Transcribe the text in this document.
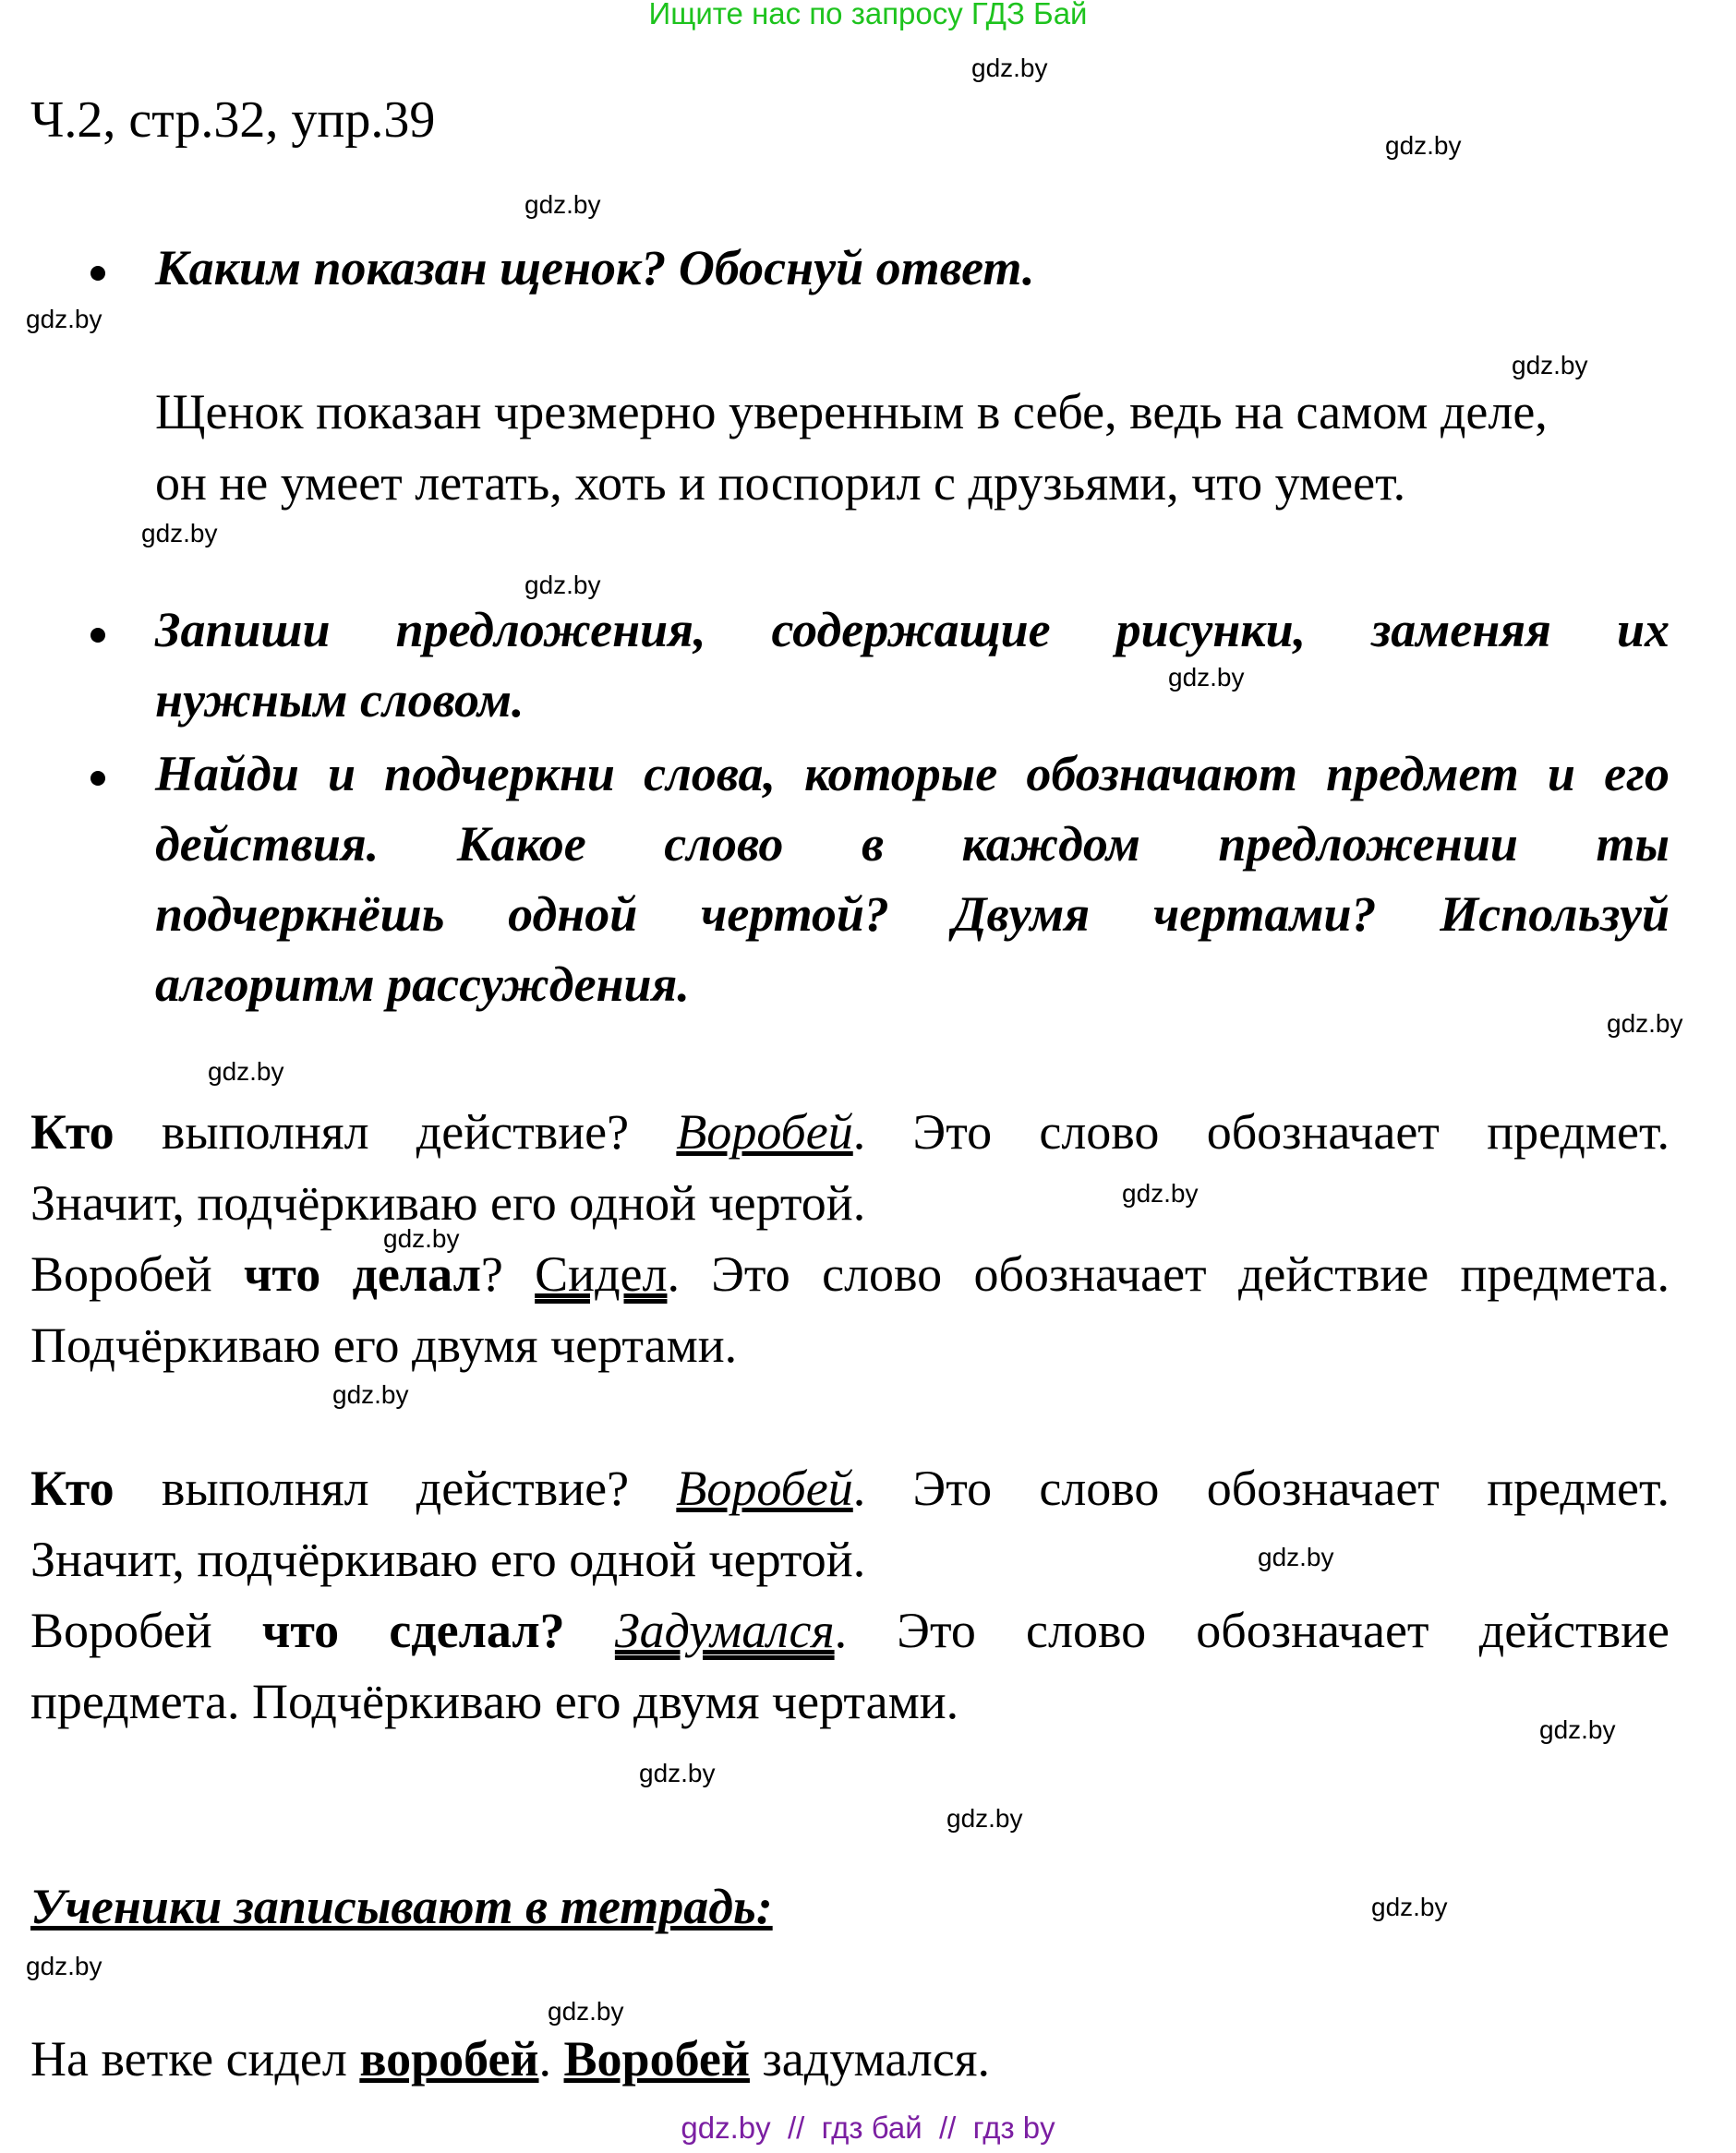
Ищите нас по запросу ГДЗ Бай
gdz.by
gdz.by
gdz.by
gdz.by
gdz.by
gdz.by
gdz.by
gdz.by
gdz.by
gdz.by
gdz.by
gdz.by
gdz.by
gdz.by
gdz.by
gdz.by
gdz.by
gdz.by
gdz.by
gdz.by
Ч.2, стр.32, упр.39
Каким показан щенок? Обоснуй ответ.
Щенок показан чрезмерно уверенным в себе, ведь на самом деле,
он не умеет летать, хоть и поспорил с друзьями, что умеет.
Запиши предложения, содержащие рисунки, заменяя их
нужным словом.
Найди и подчеркни слова, которые обозначают предмет и его
действия. Какое слово в каждом предложении ты
подчеркнёшь одной чертой? Двумя чертами? Используй
алгоритм рассуждения.
Кто выполнял действие? Воробей. Это слово обозначает предмет.
Значит, подчёркиваю его одной чертой.
Воробей что делал? Сидел. Это слово обозначает действие предмета.
Подчёркиваю его двумя чертами.
Кто выполнял действие? Воробей. Это слово обозначает предмет.
Значит, подчёркиваю его одной чертой.
Воробей что сделал? Задумался. Это слово обозначает действие
предмета. Подчёркиваю его двумя чертами.
Ученики записывают в тетрадь:
На ветке сидел воробей. Воробей задумался.
gdz.by  //  гдз бай  //  гдз by
